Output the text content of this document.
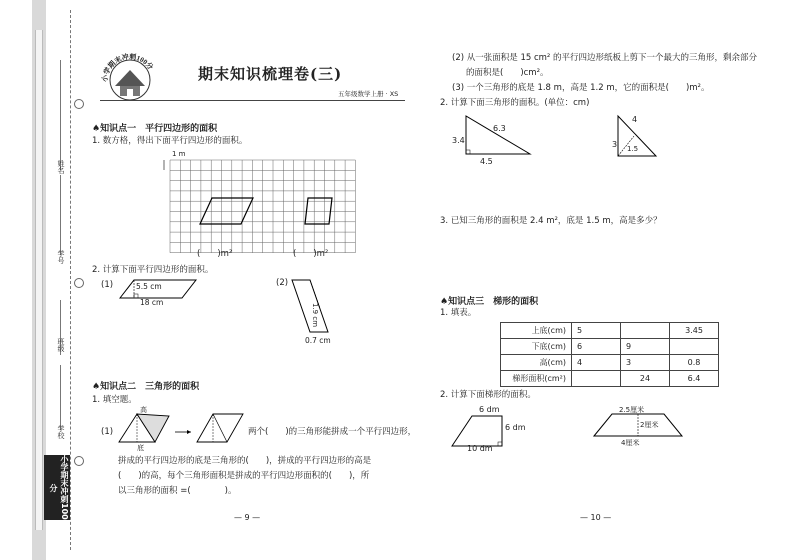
姓名
学号
班级
学校
小学期末冲刺100分
小学期末冲刺100分	期末知识梳理卷(三)
五年级数学上册 · XS
♠知识点一　平行四边形的面积
1. 数方格，得出下面平行四边形的面积。
1 m
(　　)m²	(　　)m²
2. 计算下面平行四边形的面积。
(1)	5.5 cm
18 cm
(2)
1.9 cm
0.7 cm
♠知识点二　三角形的面积
1. 填空题。
(1)
高
底
两个(　　)的三角形能拼成一个平行四边形，
拼成的平行四边形的底是三角形的(　　)，拼成的平行四边形的高是
(　　)的高，每个三角形面积是拼成的平行四边形面积的(　　)，所
以三角形的面积 =(　　　　)。
— 9 —
(2) 从一张面积是 15 cm² 的平行四边形纸板上剪下一个最大的三角形，剩余部分
的面积是(　　)cm²。
(3) 一个三角形的底是 1.8 m，高是 1.2 m，它的面积是(　　)m²。
2. 计算下面三角形的面积。(单位：cm)
6.3
3.4
4.5
4
3 1.5
3. 已知三角形的面积是 2.4 m²，底是 1.5 m，高是多少？
♠知识点三　梯形的面积
1. 填表。
上底(cm)	5		3.45
下底(cm)	6	9	
高(cm)	4	3	0.8
梯形面积(cm²)		24	6.4
2. 计算下面梯形的面积。
6 dm
6 dm
10 dm
2.5厘米
2厘米
4厘米
— 10 —
